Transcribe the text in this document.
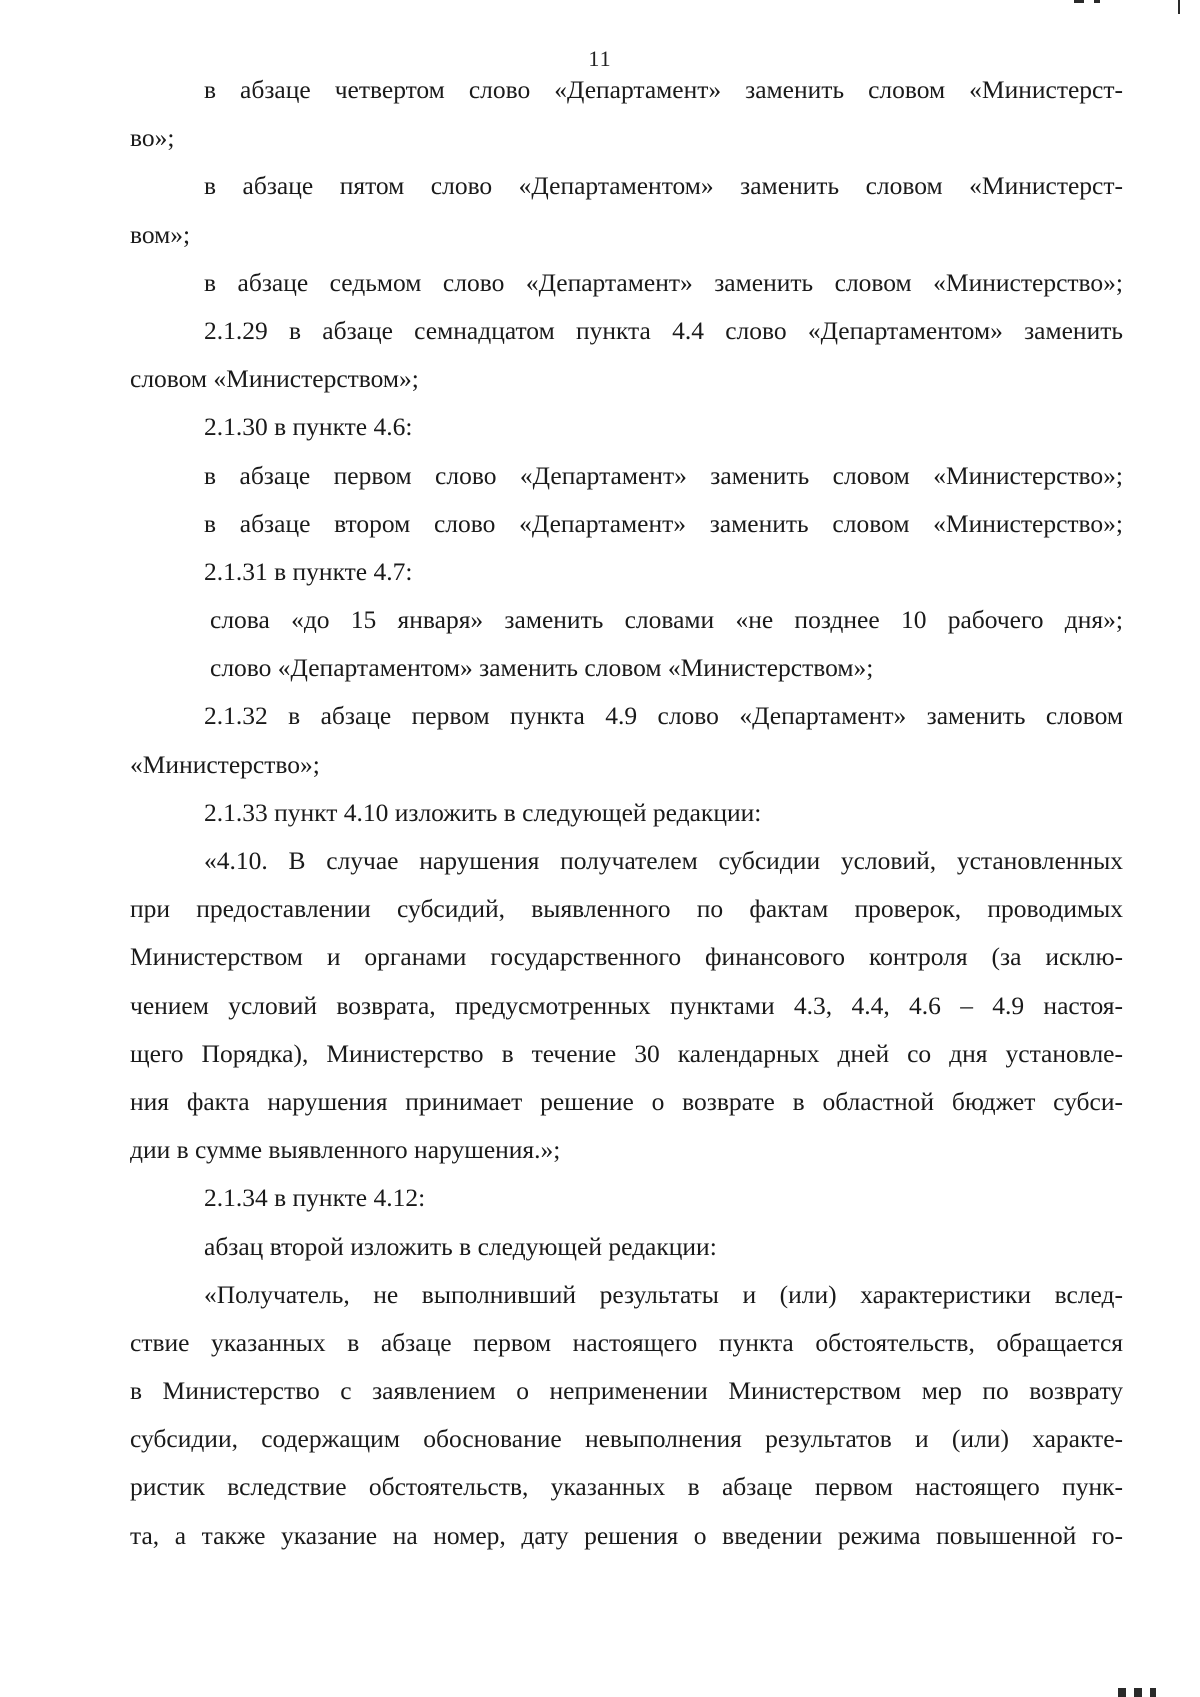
11
в абзаце четвертом слово «Департамент» заменить словом «Министерст-
во»;
в абзаце пятом слово «Департаментом» заменить словом «Министерст-
вом»;
в абзаце седьмом слово «Департамент» заменить словом «Министерство»;
2.1.29 в абзаце семнадцатом пункта 4.4 слово «Департаментом» заменить
словом «Министерством»;
2.1.30 в пункте 4.6:
в абзаце первом слово «Департамент» заменить словом «Министерство»;
в абзаце втором слово «Департамент» заменить словом «Министерство»;
2.1.31 в пункте 4.7:
слова «до 15 января» заменить словами «не позднее 10 рабочего дня»;
слово «Департаментом» заменить словом «Министерством»;
2.1.32 в абзаце первом пункта 4.9 слово «Департамент» заменить словом
«Министерство»;
2.1.33 пункт 4.10 изложить в следующей редакции:
«4.10. В случае нарушения получателем субсидии условий, установленных
при предоставлении субсидий, выявленного по фактам проверок, проводимых
Министерством и органами государственного финансового контроля (за исклю-
чением условий возврата, предусмотренных пунктами 4.3, 4.4, 4.6 – 4.9 настоя-
щего Порядка), Министерство в течение 30 календарных дней со дня установле-
ния факта нарушения принимает решение о возврате в областной бюджет субси-
дии в сумме выявленного нарушения.»;
2.1.34 в пункте 4.12:
абзац второй изложить в следующей редакции:
«Получатель, не выполнивший результаты и (или) характеристики вслед-
ствие указанных в абзаце первом настоящего пункта обстоятельств, обращается
в Министерство с заявлением о неприменении Министерством мер по возврату
субсидии, содержащим обоснование невыполнения результатов и (или) характе-
ристик вследствие обстоятельств, указанных в абзаце первом настоящего пунк-
та, а также указание на номер, дату решения о введении режима повышенной го-
